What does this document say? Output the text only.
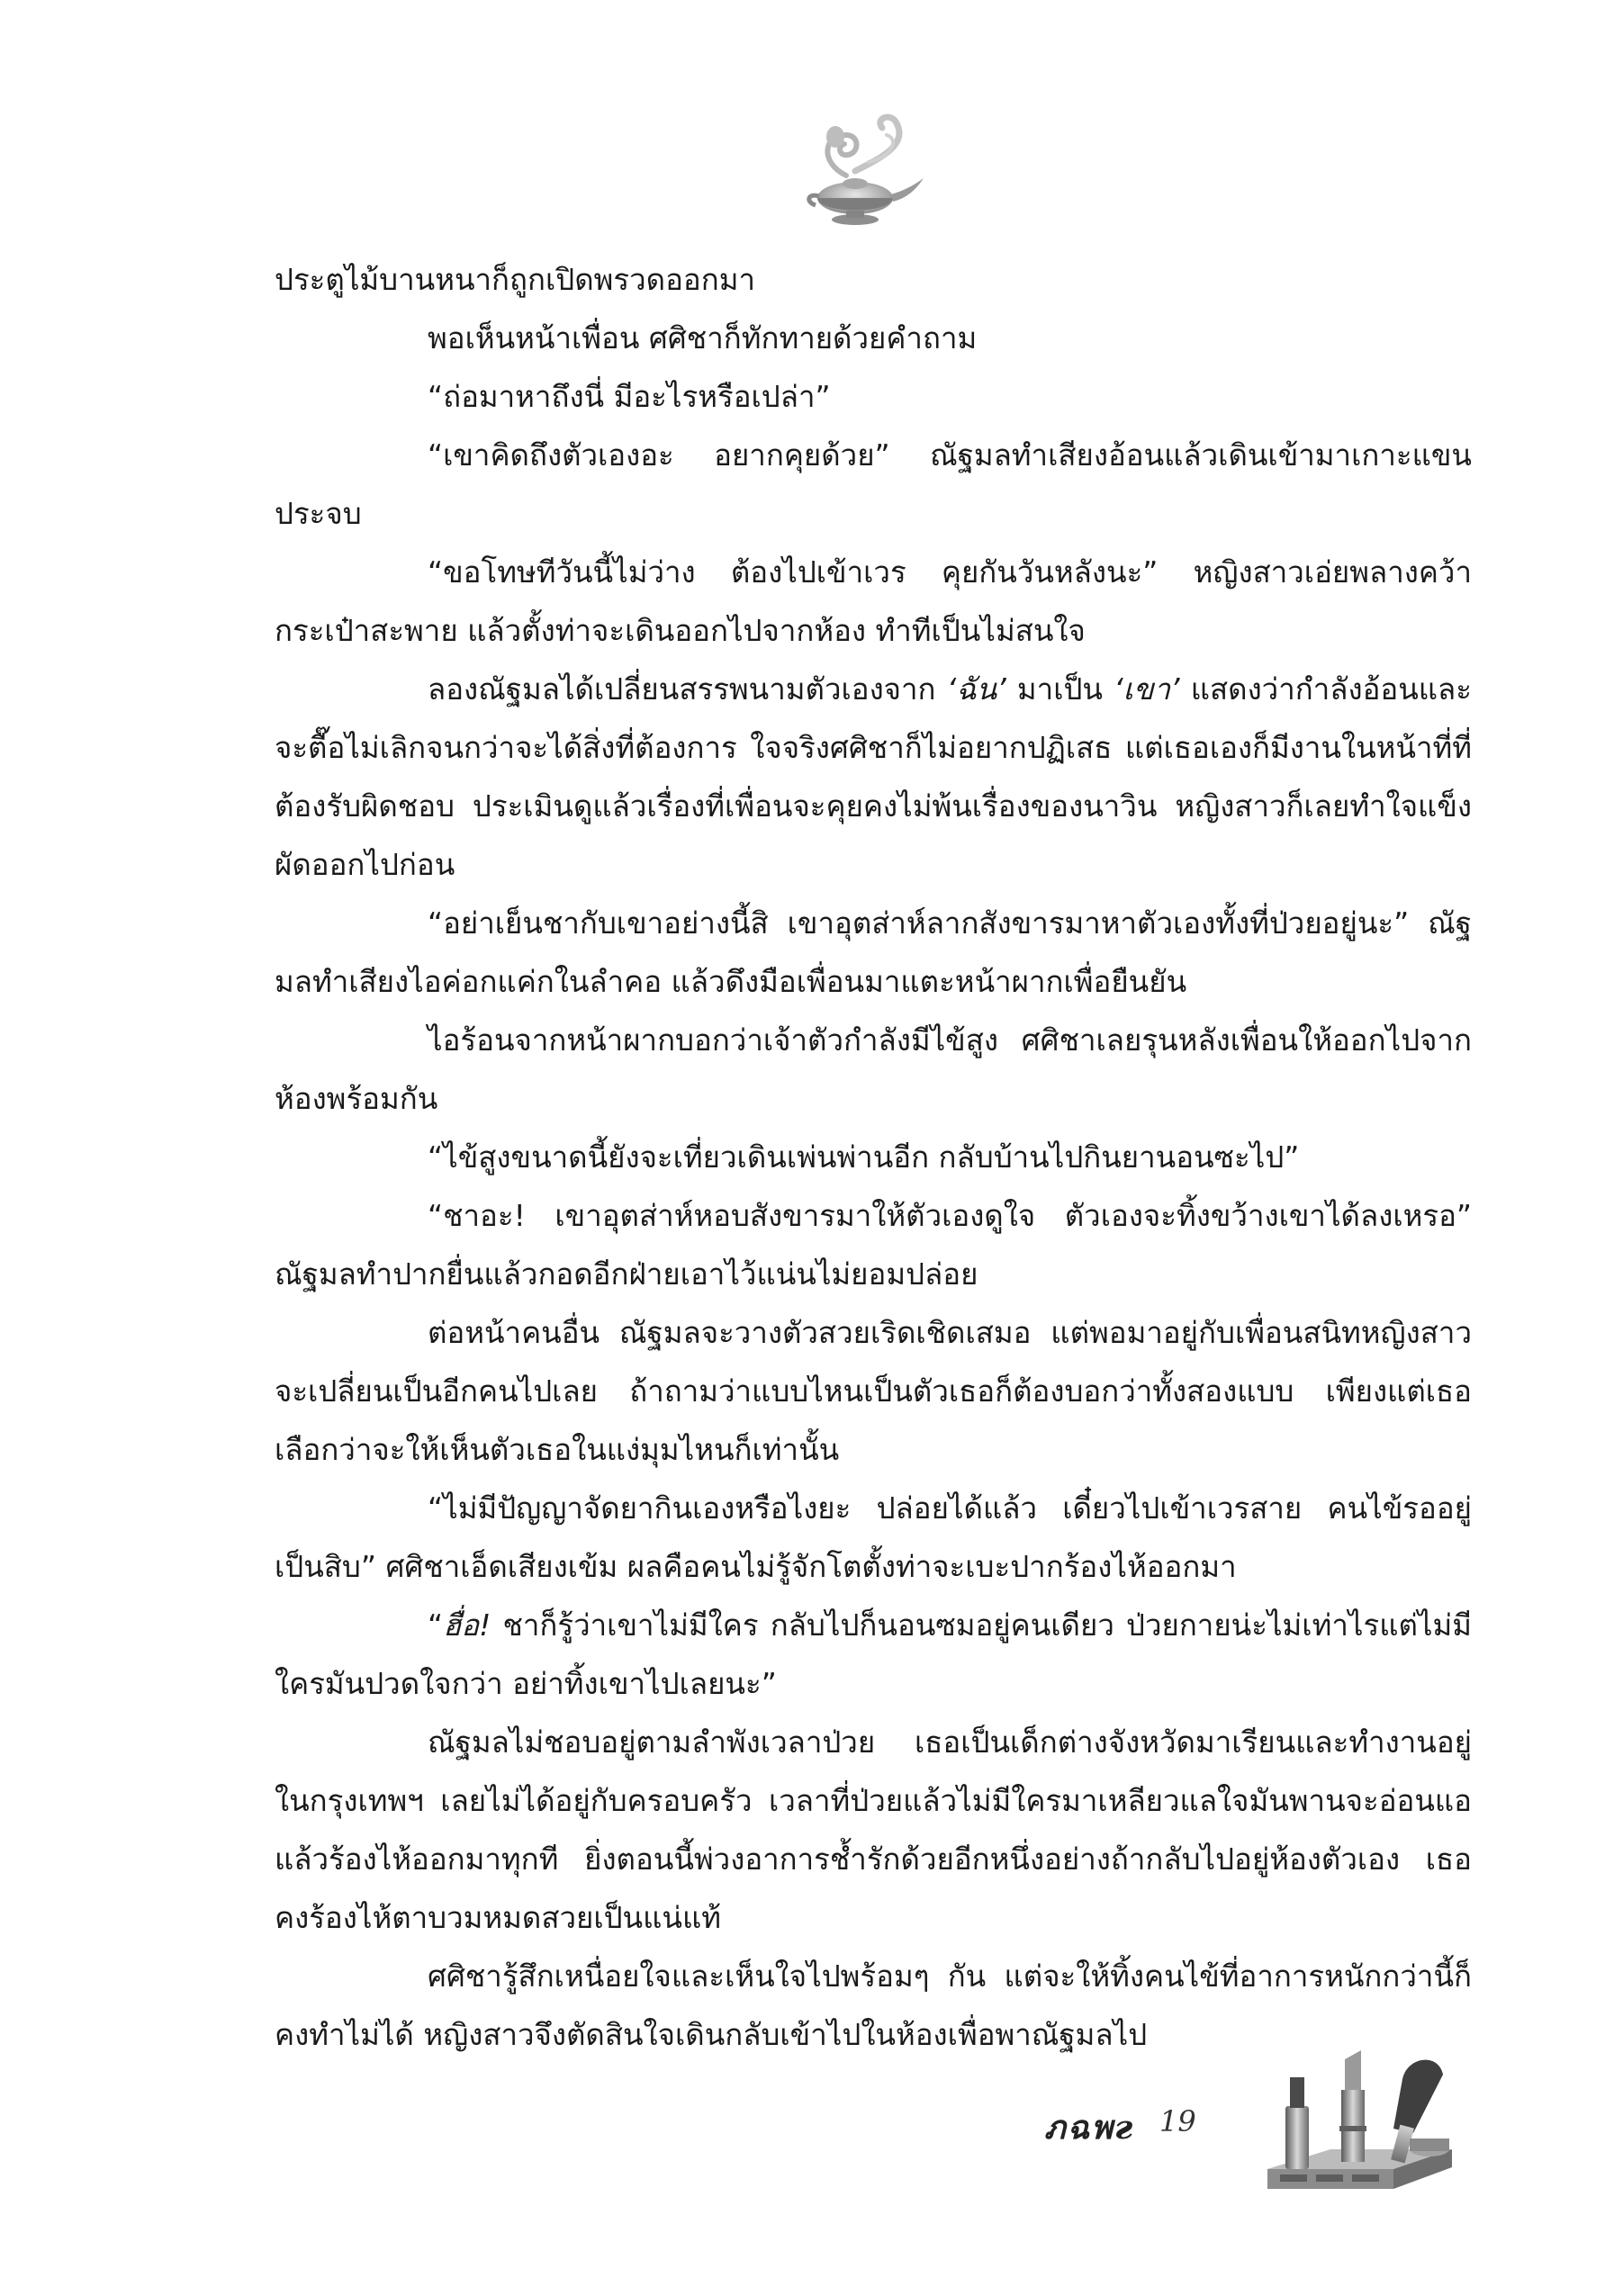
ประตูไม้บานหนาก็ถูกเปิดพรวดออกมา

พอเห็นหน้าเพื่อน ศศิชาก็ทักทายด้วยคำถาม

“ถ่อมาหาถึงนี่ มีอะไรหรือเปล่า”

“เขาคิดถึงตัวเองอะ อยากคุยด้วย” ณัฐมลทำเสียงอ้อนแล้วเดินเข้ามาเกาะแขนประจบ

“ขอโทษทีวันนี้ไม่ว่าง ต้องไปเข้าเวร คุยกันวันหลังนะ” หญิงสาวเอ่ยพลางคว้ากระเป๋าสะพาย แล้วตั้งท่าจะเดินออกไปจากห้อง ทำทีเป็นไม่สนใจ

ลองณัฐมลได้เปลี่ยนสรรพนามตัวเองจาก ‘ฉัน’ มาเป็น ‘เขา’ แสดงว่ากำลังอ้อนและจะตื๊อไม่เลิกจนกว่าจะได้สิ่งที่ต้องการ ใจจริงศศิชาก็ไม่อยากปฏิเสธ แต่เธอเองก็มีงานในหน้าที่ที่ต้องรับผิดชอบ ประเมินดูแล้วเรื่องที่เพื่อนจะคุยคงไม่พ้นเรื่องของนาวิน หญิงสาวก็เลยทำใจแข็งผัดออกไปก่อน

“อย่าเย็นชากับเขาอย่างนี้สิ เขาอุตส่าห์ลากสังขารมาหาตัวเองทั้งที่ป่วยอยู่นะ” ณัฐมลทำเสียงไอค่อกแค่กในลำคอ แล้วดึงมือเพื่อนมาแตะหน้าผากเพื่อยืนยัน

ไอร้อนจากหน้าผากบอกว่าเจ้าตัวกำลังมีไข้สูง ศศิชาเลยรุนหลังเพื่อนให้ออกไปจากห้องพร้อมกัน

“ไข้สูงขนาดนี้ยังจะเที่ยวเดินเพ่นพ่านอีก กลับบ้านไปกินยานอนซะไป”

“ชาอะ! เขาอุตส่าห์หอบสังขารมาให้ตัวเองดูใจ ตัวเองจะทิ้งขว้างเขาได้ลงเหรอ” ณัฐมลทำปากยื่นแล้วกอดอีกฝ่ายเอาไว้แน่นไม่ยอมปล่อย

ต่อหน้าคนอื่น ณัฐมลจะวางตัวสวยเริดเชิดเสมอ แต่พอมาอยู่กับเพื่อนสนิทหญิงสาวจะเปลี่ยนเป็นอีกคนไปเลย ถ้าถามว่าแบบไหนเป็นตัวเธอก็ต้องบอกว่าทั้งสองแบบ เพียงแต่เธอเลือกว่าจะให้เห็นตัวเธอในแง่มุมไหนก็เท่านั้น

“ไม่มีปัญญาจัดยากินเองหรือไงยะ ปล่อยได้แล้ว เดี๋ยวไปเข้าเวรสาย คนไข้รออยู่เป็นสิบ” ศศิชาเอ็ดเสียงเข้ม ผลคือคนไม่รู้จักโตตั้งท่าจะเบะปากร้องไห้ออกมา

“ฮื่อ! ชาก็รู้ว่าเขาไม่มีใคร กลับไปก็นอนซมอยู่คนเดียว ป่วยกายน่ะไม่เท่าไรแต่ไม่มีใครมันปวดใจกว่า อย่าทิ้งเขาไปเลยนะ”

ณัฐมลไม่ชอบอยู่ตามลำพังเวลาป่วย เธอเป็นเด็กต่างจังหวัดมาเรียนและทำงานอยู่ในกรุงเทพฯ เลยไม่ได้อยู่กับครอบครัว เวลาที่ป่วยแล้วไม่มีใครมาเหลียวแลใจมันพานจะอ่อนแอแล้วร้องไห้ออกมาทุกที ยิ่งตอนนี้พ่วงอาการช้ำรักด้วยอีกหนึ่งอย่างถ้ากลับไปอยู่ห้องตัวเอง เธอคงร้องไห้ตาบวมหมดสวยเป็นแน่แท้

ศศิชารู้สึกเหนื่อยใจและเห็นใจไปพร้อมๆ กัน แต่จะให้ทิ้งคนไข้ที่อาการหนักกว่านี้ก็คงทำไม่ได้ หญิงสาวจึงตัดสินใจเดินกลับเข้าไปในห้องเพื่อพาณัฐมลไป

ภฉพг 19
